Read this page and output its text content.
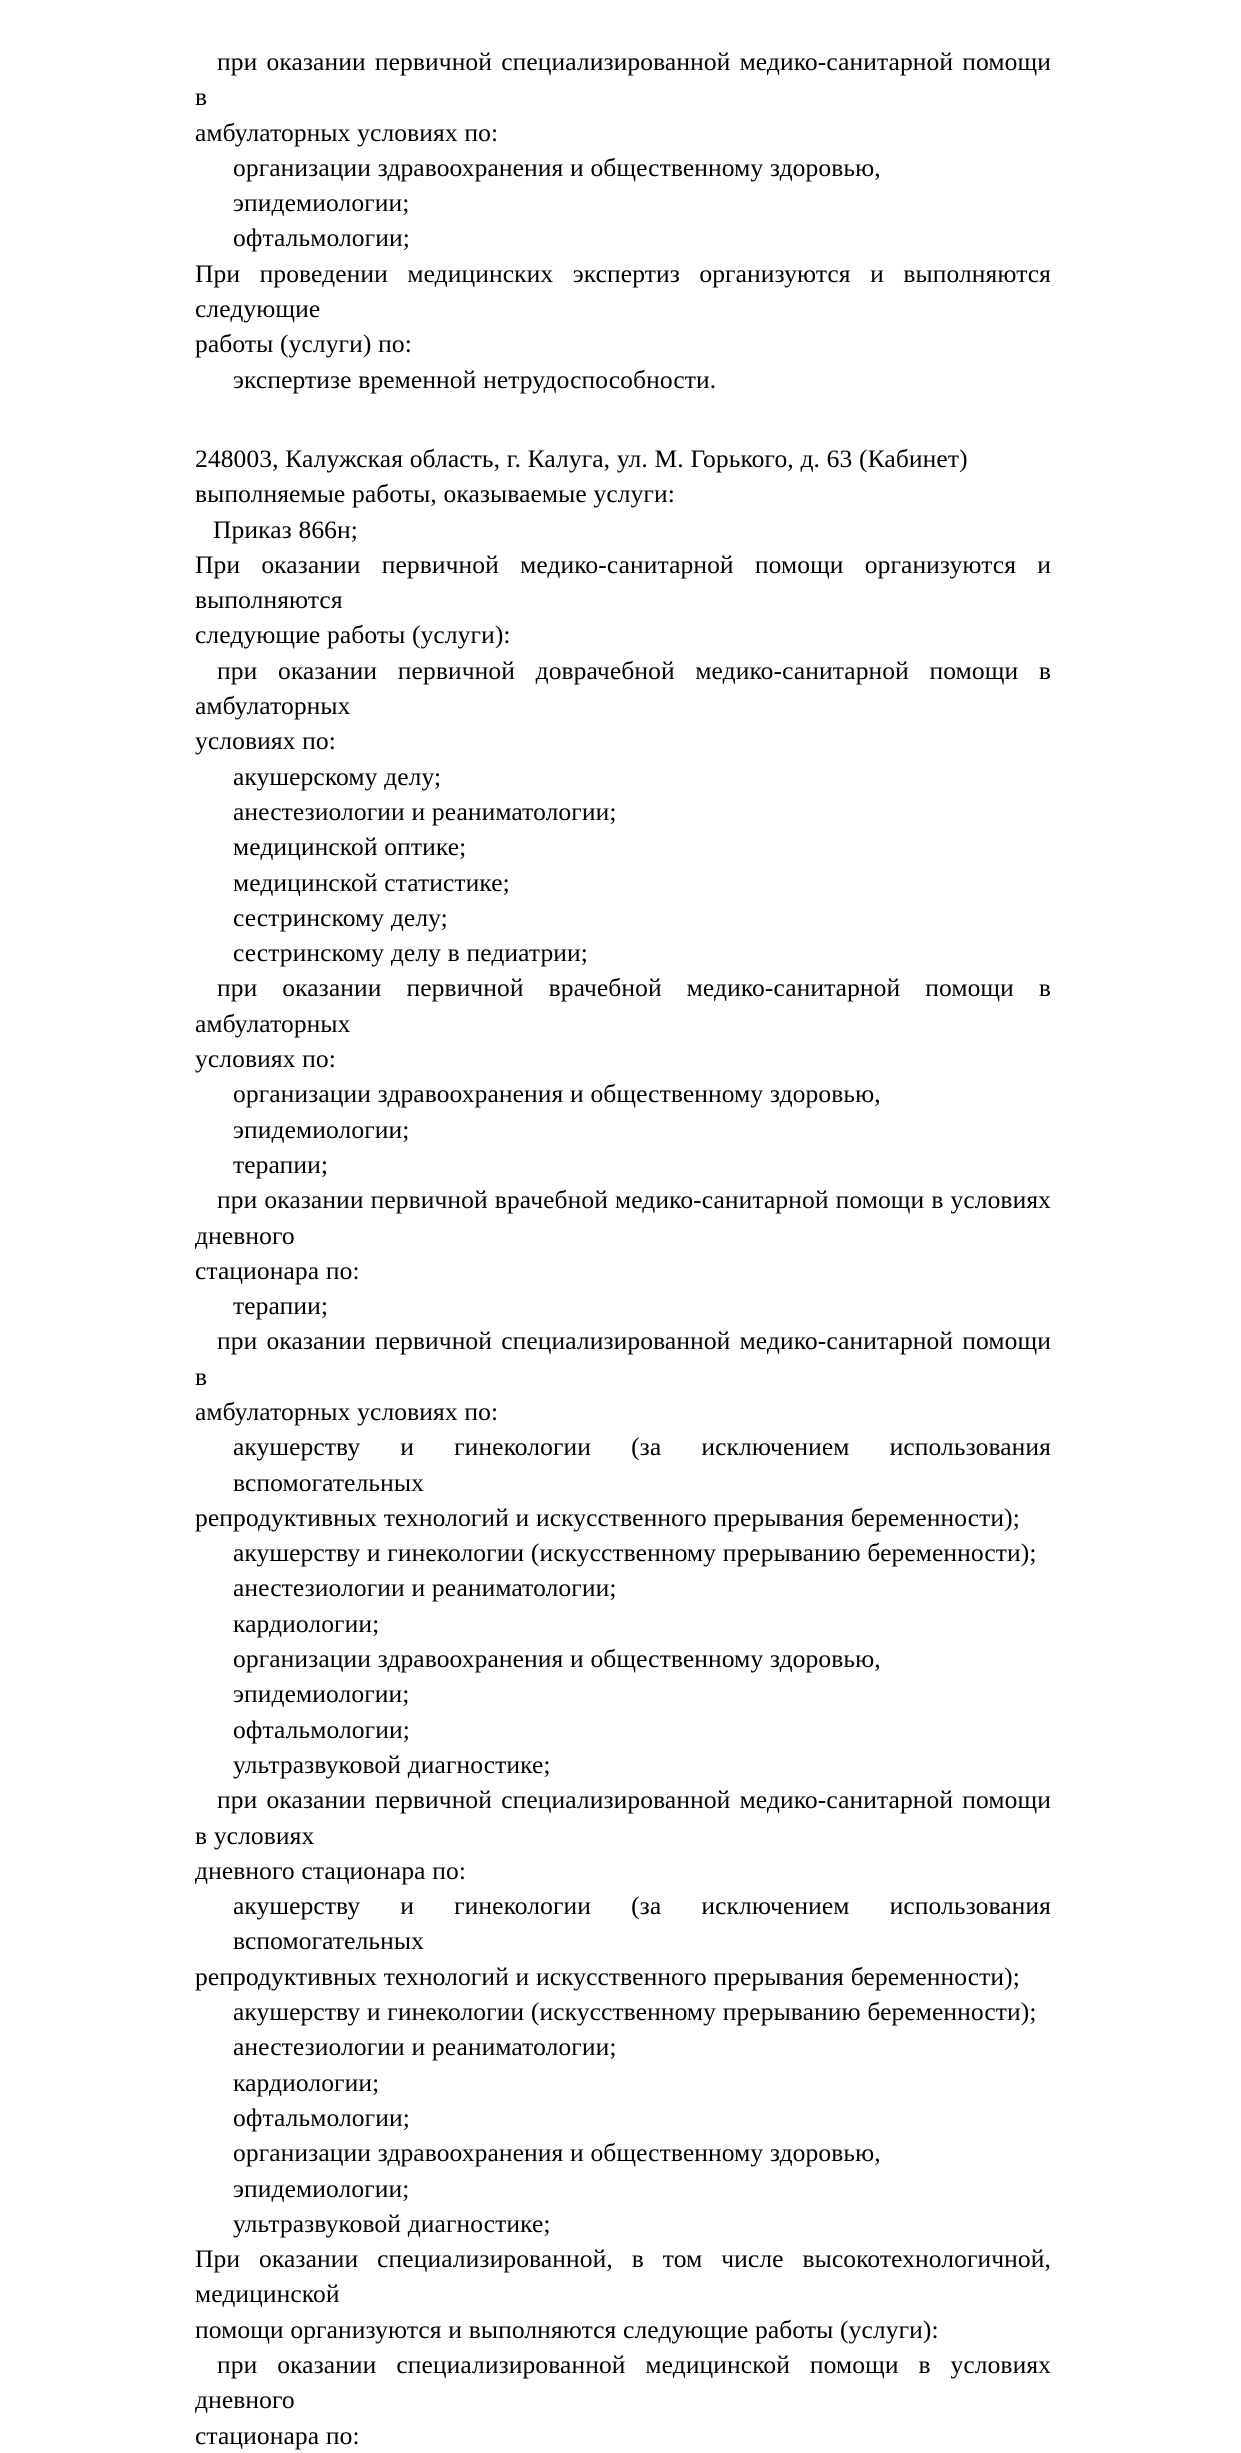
при оказании первичной специализированной медико-санитарной помощи в

амбулаторных условиях по:

организации здравоохранения и общественному здоровью, эпидемиологии;

офтальмологии;

При проведении медицинских экспертиз организуются и выполняются следующие

работы (услуги) по:

экспертизе временной нетрудоспособности.

248003, Калужская область, г. Калуга, ул. М. Горького, д. 63 (Кабинет)

выполняемые работы, оказываемые услуги:

Приказ 866н;

При оказании первичной медико-санитарной помощи организуются и выполняются

следующие работы (услуги):

при оказании первичной доврачебной медико-санитарной помощи в амбулаторных

условиях по:

акушерскому делу;

анестезиологии и реаниматологии;

медицинской оптике;

медицинской статистике;

сестринскому делу;

сестринскому делу в педиатрии;

при оказании первичной врачебной медико-санитарной помощи в амбулаторных

условиях по:

организации здравоохранения и общественному здоровью, эпидемиологии;

терапии;

при оказании первичной врачебной медико-санитарной помощи в условиях дневного

стационара по:

терапии;

при оказании первичной специализированной медико-санитарной помощи в

амбулаторных условиях по:

акушерству и гинекологии (за исключением использования вспомогательных

репродуктивных технологий и искусственного прерывания беременности);

акушерству и гинекологии (искусственному прерыванию беременности);

анестезиологии и реаниматологии;

кардиологии;

организации здравоохранения и общественному здоровью, эпидемиологии;

офтальмологии;

ультразвуковой диагностике;

при оказании первичной специализированной медико-санитарной помощи в условиях

дневного стационара по:

акушерству и гинекологии (за исключением использования вспомогательных

репродуктивных технологий и искусственного прерывания беременности);

акушерству и гинекологии (искусственному прерыванию беременности);

анестезиологии и реаниматологии;

кардиологии;

офтальмологии;

организации здравоохранения и общественному здоровью, эпидемиологии;

ультразвуковой диагностике;

При оказании специализированной, в том числе высокотехнологичной, медицинской

помощи организуются и выполняются следующие работы (услуги):

при оказании специализированной медицинской помощи в условиях дневного

стационара по:
